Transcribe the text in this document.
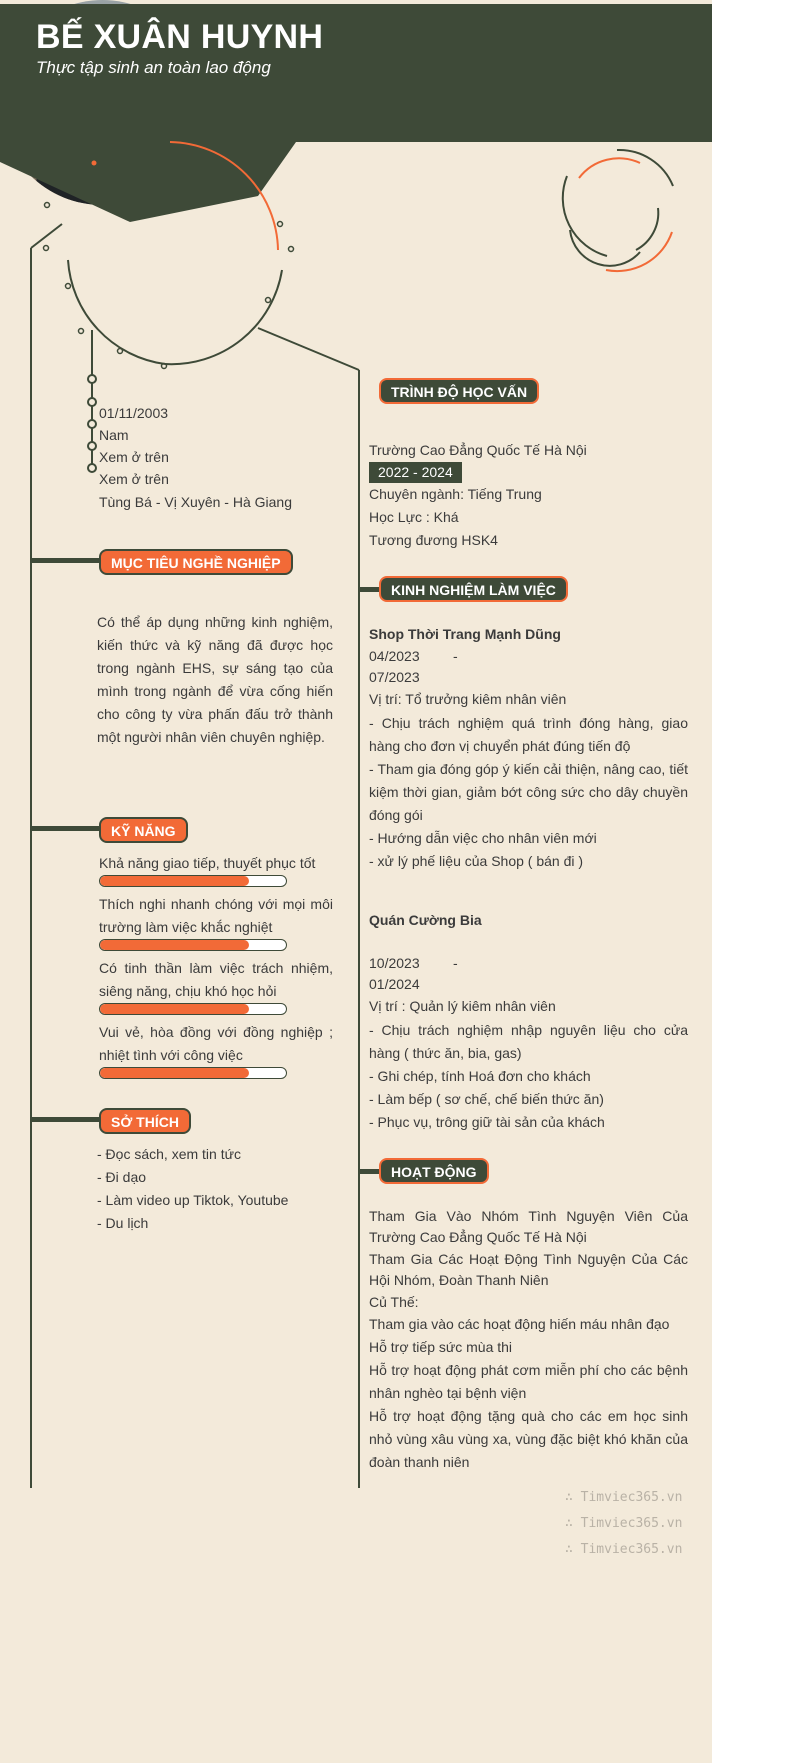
BẾ XUÂN HUYNH
Thực tập sinh an toàn lao động
01/11/2003
Nam
Xem ở trên
Xem ở trên
Tùng Bá - Vị Xuyên - Hà Giang
MỤC TIÊU NGHỀ NGHIỆP
Có thể áp dụng những kinh nghiệm, kiến thức và kỹ năng đã được học trong ngành EHS, sự sáng tạo của mình trong ngành để vừa cống hiến cho công ty vừa phấn đấu trở thành một người nhân viên chuyên nghiệp.
KỸ NĂNG
Khả năng giao tiếp, thuyết phục tốt
Thích nghi nhanh chóng với mọi môi trường làm việc khắc nghiệt
Có tinh thần làm việc trách nhiệm, siêng năng, chịu khó học hỏi
Vui vẻ, hòa đồng với đồng nghiệp ; nhiệt tình với công việc
SỞ THÍCH
- Đọc sách, xem tin tức
- Đi dạo
- Làm video up Tiktok, Youtube
- Du lịch
TRÌNH ĐỘ HỌC VẤN
Trường Cao Đẳng Quốc Tế Hà Nội
2022 - 2024
Chuyên ngành: Tiếng Trung
Học Lực : Khá
Tương đương HSK4
KINH NGHIỆM LÀM VIỆC
Shop Thời Trang Mạnh Dũng
04/2023 -
07/2023
Vị trí: Tổ trưởng kiêm nhân viên
- Chịu trách nghiệm quá trình đóng hàng, giao hàng cho đơn vị chuyển phát đúng tiến độ
- Tham gia đóng góp ý kiến cải thiện, nâng cao, tiết kiệm thời gian, giảm bớt công sức cho dây chuyền đóng gói
- Hướng dẫn việc cho nhân viên mới
- xử lý phế liệu của Shop ( bán đi )
Quán Cường Bia
10/2023 -
01/2024
Vị trí : Quản lý kiêm nhân viên
- Chịu trách nghiệm nhập nguyên liệu cho cửa hàng ( thức ăn, bia, gas)
- Ghi chép, tính Hoá đơn cho khách
- Làm bếp ( sơ chế, chế biến thức ăn)
- Phục vụ, trông giữ tài sản của khách
HOẠT ĐỘNG
Tham Gia Vào Nhóm Tình Nguyện Viên Của Trường Cao Đẳng Quốc Tế Hà Nội
Tham Gia Các Hoạt Động Tình Nguyện Của Các Hội Nhóm, Đoàn Thanh Niên
Củ Thế:
Tham gia vào các hoạt động hiến máu nhân đạo
Hỗ trợ tiếp sức mùa thi
Hỗ trợ hoạt động phát cơm miễn phí cho các bệnh nhân nghèo tại bệnh viện
Hỗ trợ hoạt động tặng quà cho các em học sinh nhỏ vùng xâu vùng xa, vùng đặc biệt khó khăn của đoàn thanh niên
∴ Timviec365.vn
∴ Timviec365.vn
∴ Timviec365.vn
